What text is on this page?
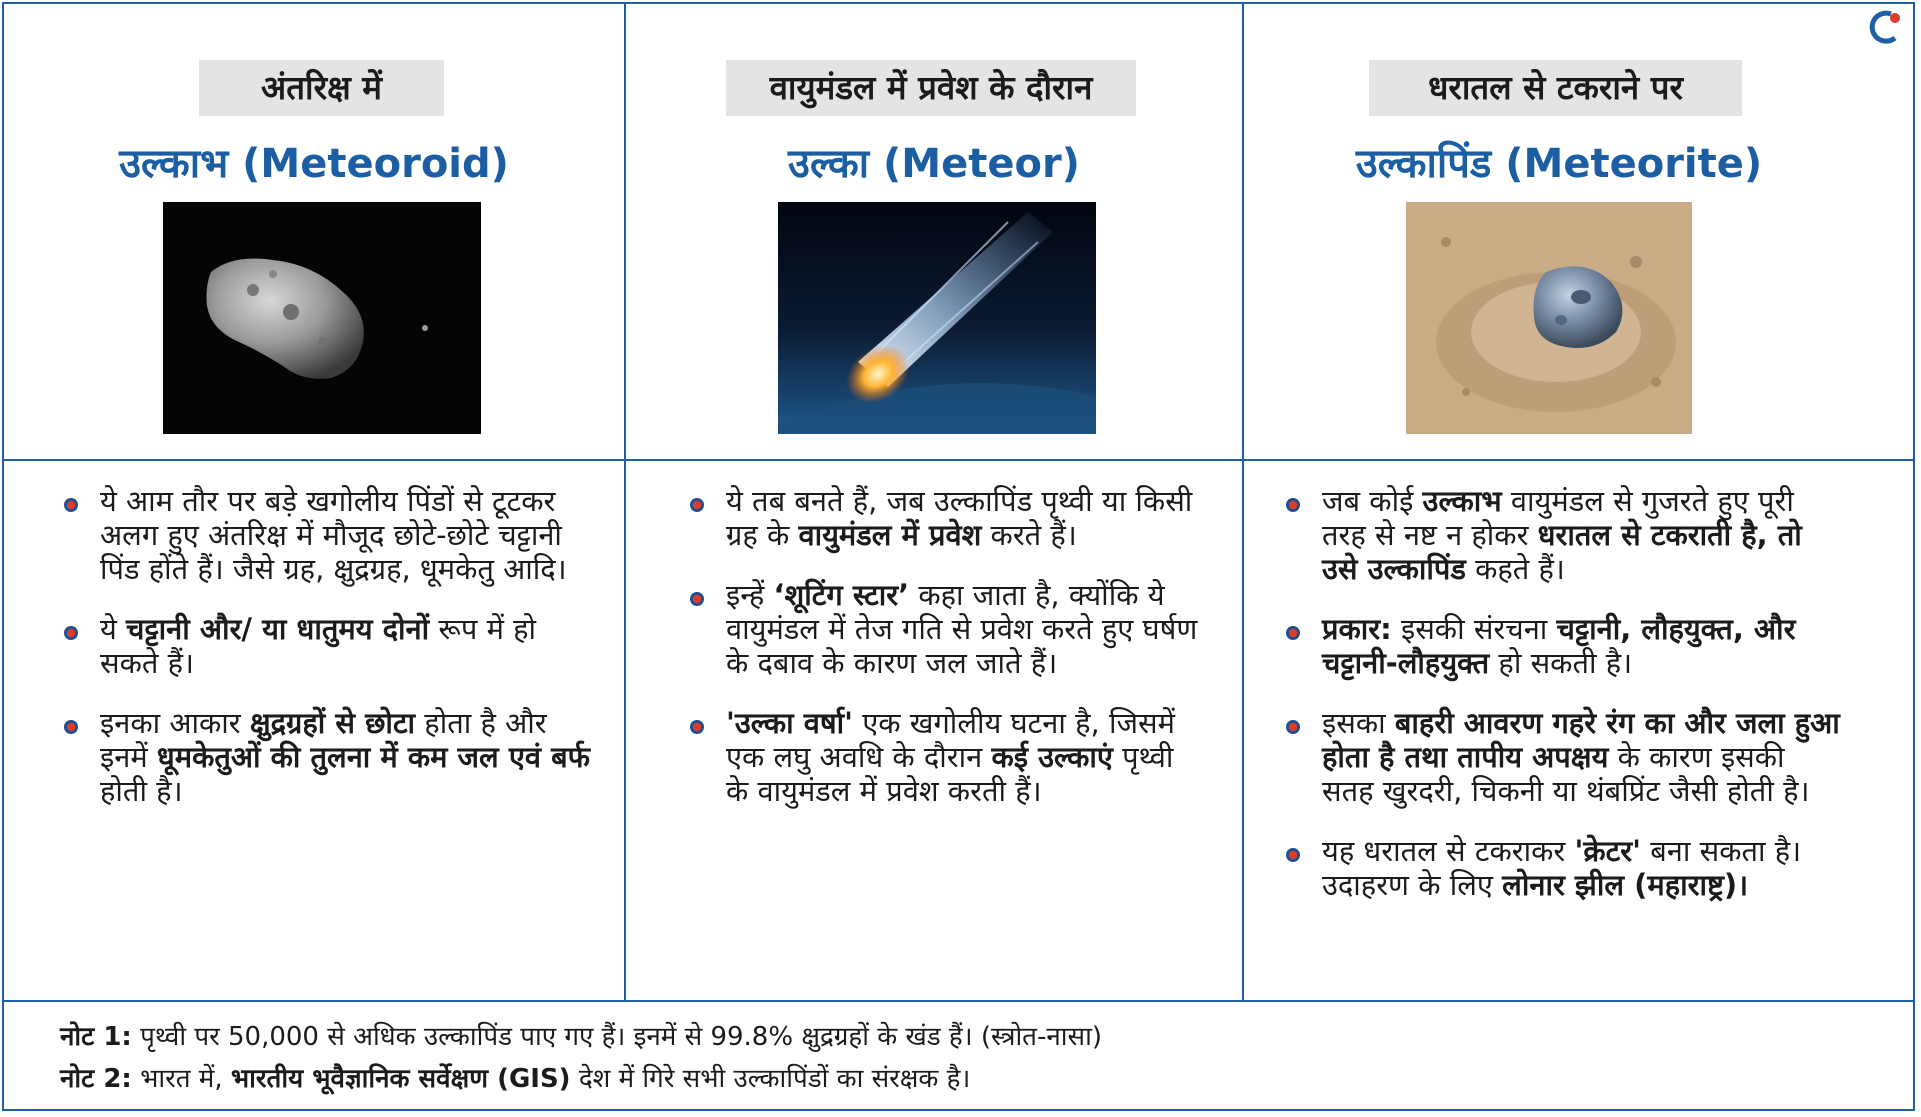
अंतरिक्ष में
उल्काभ (Meteoroid)
ये आम तौर पर बड़े खगोलीय पिंडों से टूटकर अलग हुए अंतरिक्ष में मौजूद छोटे-छोटे चट्टानी पिंड होंते हैं। जैसे ग्रह, क्षुद्रग्रह, धूमकेतु आदि।
ये चट्टानी और/ या धातुमय दोनों रूप में हो सकते हैं।
इनका आकार क्षुद्रग्रहों से छोटा होता है और इनमें धूमकेतुओं की तुलना में कम जल एवं बर्फ होती है।
वायुमंडल में प्रवेश के दौरान
उल्का (Meteor)
ये तब बनते हैं, जब उल्कापिंड पृथ्वी या किसी ग्रह के वायुमंडल में प्रवेश करते हैं।
इन्हें ‘शूटिंग स्टार’ कहा जाता है, क्योंकि ये वायुमंडल में तेज गति से प्रवेश करते हुए घर्षण के दबाव के कारण जल जाते हैं।
'उल्का वर्षा' एक खगोलीय घटना है, जिसमें एक लघु अवधि के दौरान कई उल्काएं पृथ्वी के वायुमंडल में प्रवेश करती हैं।
धरातल से टकराने पर
उल्कापिंड (Meteorite)
जब कोई उल्काभ वायुमंडल से गुजरते हुए पूरी तरह से नष्ट न होकर धरातल से टकराती है, तो उसे उल्कापिंड कहते हैं।
प्रकार: इसकी संरचना चट्टानी, लौहयुक्त, और चट्टानी-लौहयुक्त हो सकती है।
इसका बाहरी आवरण गहरे रंग का और जला हुआ होता है तथा तापीय अपक्षय के कारण इसकी सतह खुरदरी, चिकनी या थंबप्रिंट जैसी होती है।
यह धरातल से टकराकर 'क्रेटर' बना सकता है। उदाहरण के लिए लोनार झील (महाराष्ट्र)।
नोट 1: पृथ्वी पर 50,000 से अधिक उल्कापिंड पाए गए हैं। इनमें से 99.8% क्षुद्रग्रहों के खंड हैं। (स्त्रोत-नासा)
नोट 2: भारत में, भारतीय भूवैज्ञानिक सर्वेक्षण (GIS) देश में गिरे सभी उल्कापिंडों का संरक्षक है।
